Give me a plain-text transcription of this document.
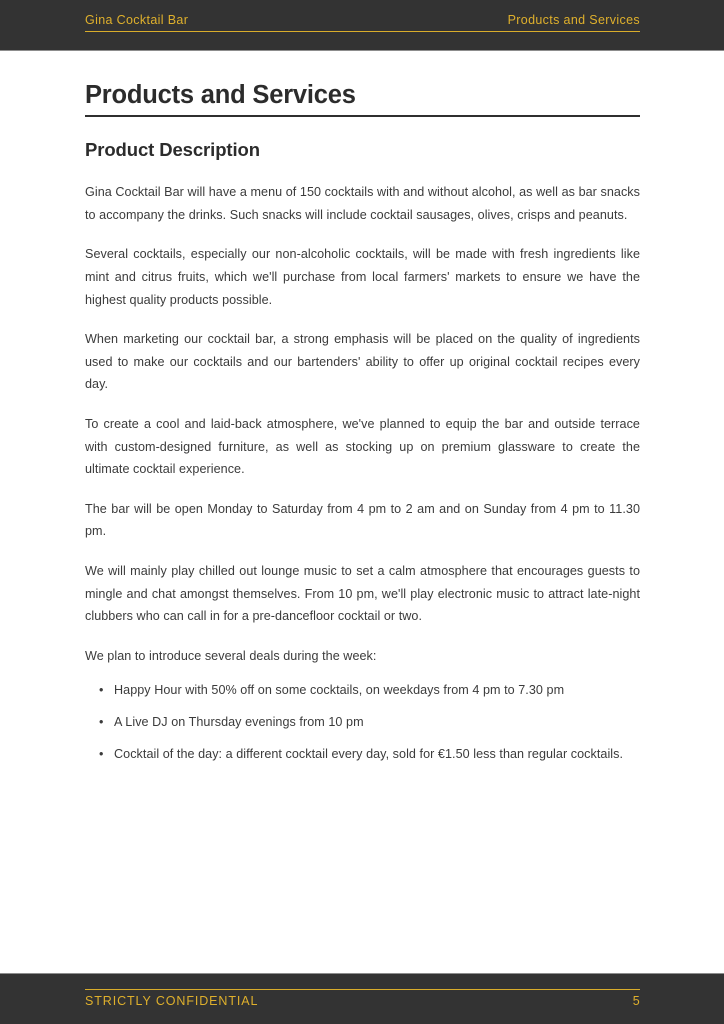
Gina Cocktail Bar	Products and Services
Products and Services
Product Description

Gina Cocktail Bar will have a menu of 150 cocktails with and without alcohol, as well as bar snacks to accompany the drinks. Such snacks will include cocktail sausages, olives, crisps and peanuts.

Several cocktails, especially our non-alcoholic cocktails, will be made with fresh ingredients like mint and citrus fruits, which we'll purchase from local farmers' markets to ensure we have the highest quality products possible.

When marketing our cocktail bar, a strong emphasis will be placed on the quality of ingredients used to make our cocktails and our bartenders' ability to offer up original cocktail recipes every day.

To create a cool and laid-back atmosphere, we've planned to equip the bar and outside terrace with custom-designed furniture, as well as stocking up on premium glassware to create the ultimate cocktail experience.

The bar will be open Monday to Saturday from 4 pm to 2 am and on Sunday from 4 pm to 11.30 pm.

We will mainly play chilled out lounge music to set a calm atmosphere that encourages guests to mingle and chat amongst themselves. From 10 pm, we'll play electronic music to attract late-night clubbers who can call in for a pre-dancefloor cocktail or two.

We plan to introduce several deals during the week:

• Happy Hour with 50% off on some cocktails, on weekdays from 4 pm to 7.30 pm
• A Live DJ on Thursday evenings from 10 pm
• Cocktail of the day: a different cocktail every day, sold for €1.50 less than regular cocktails.
STRICTLY CONFIDENTIAL	5
